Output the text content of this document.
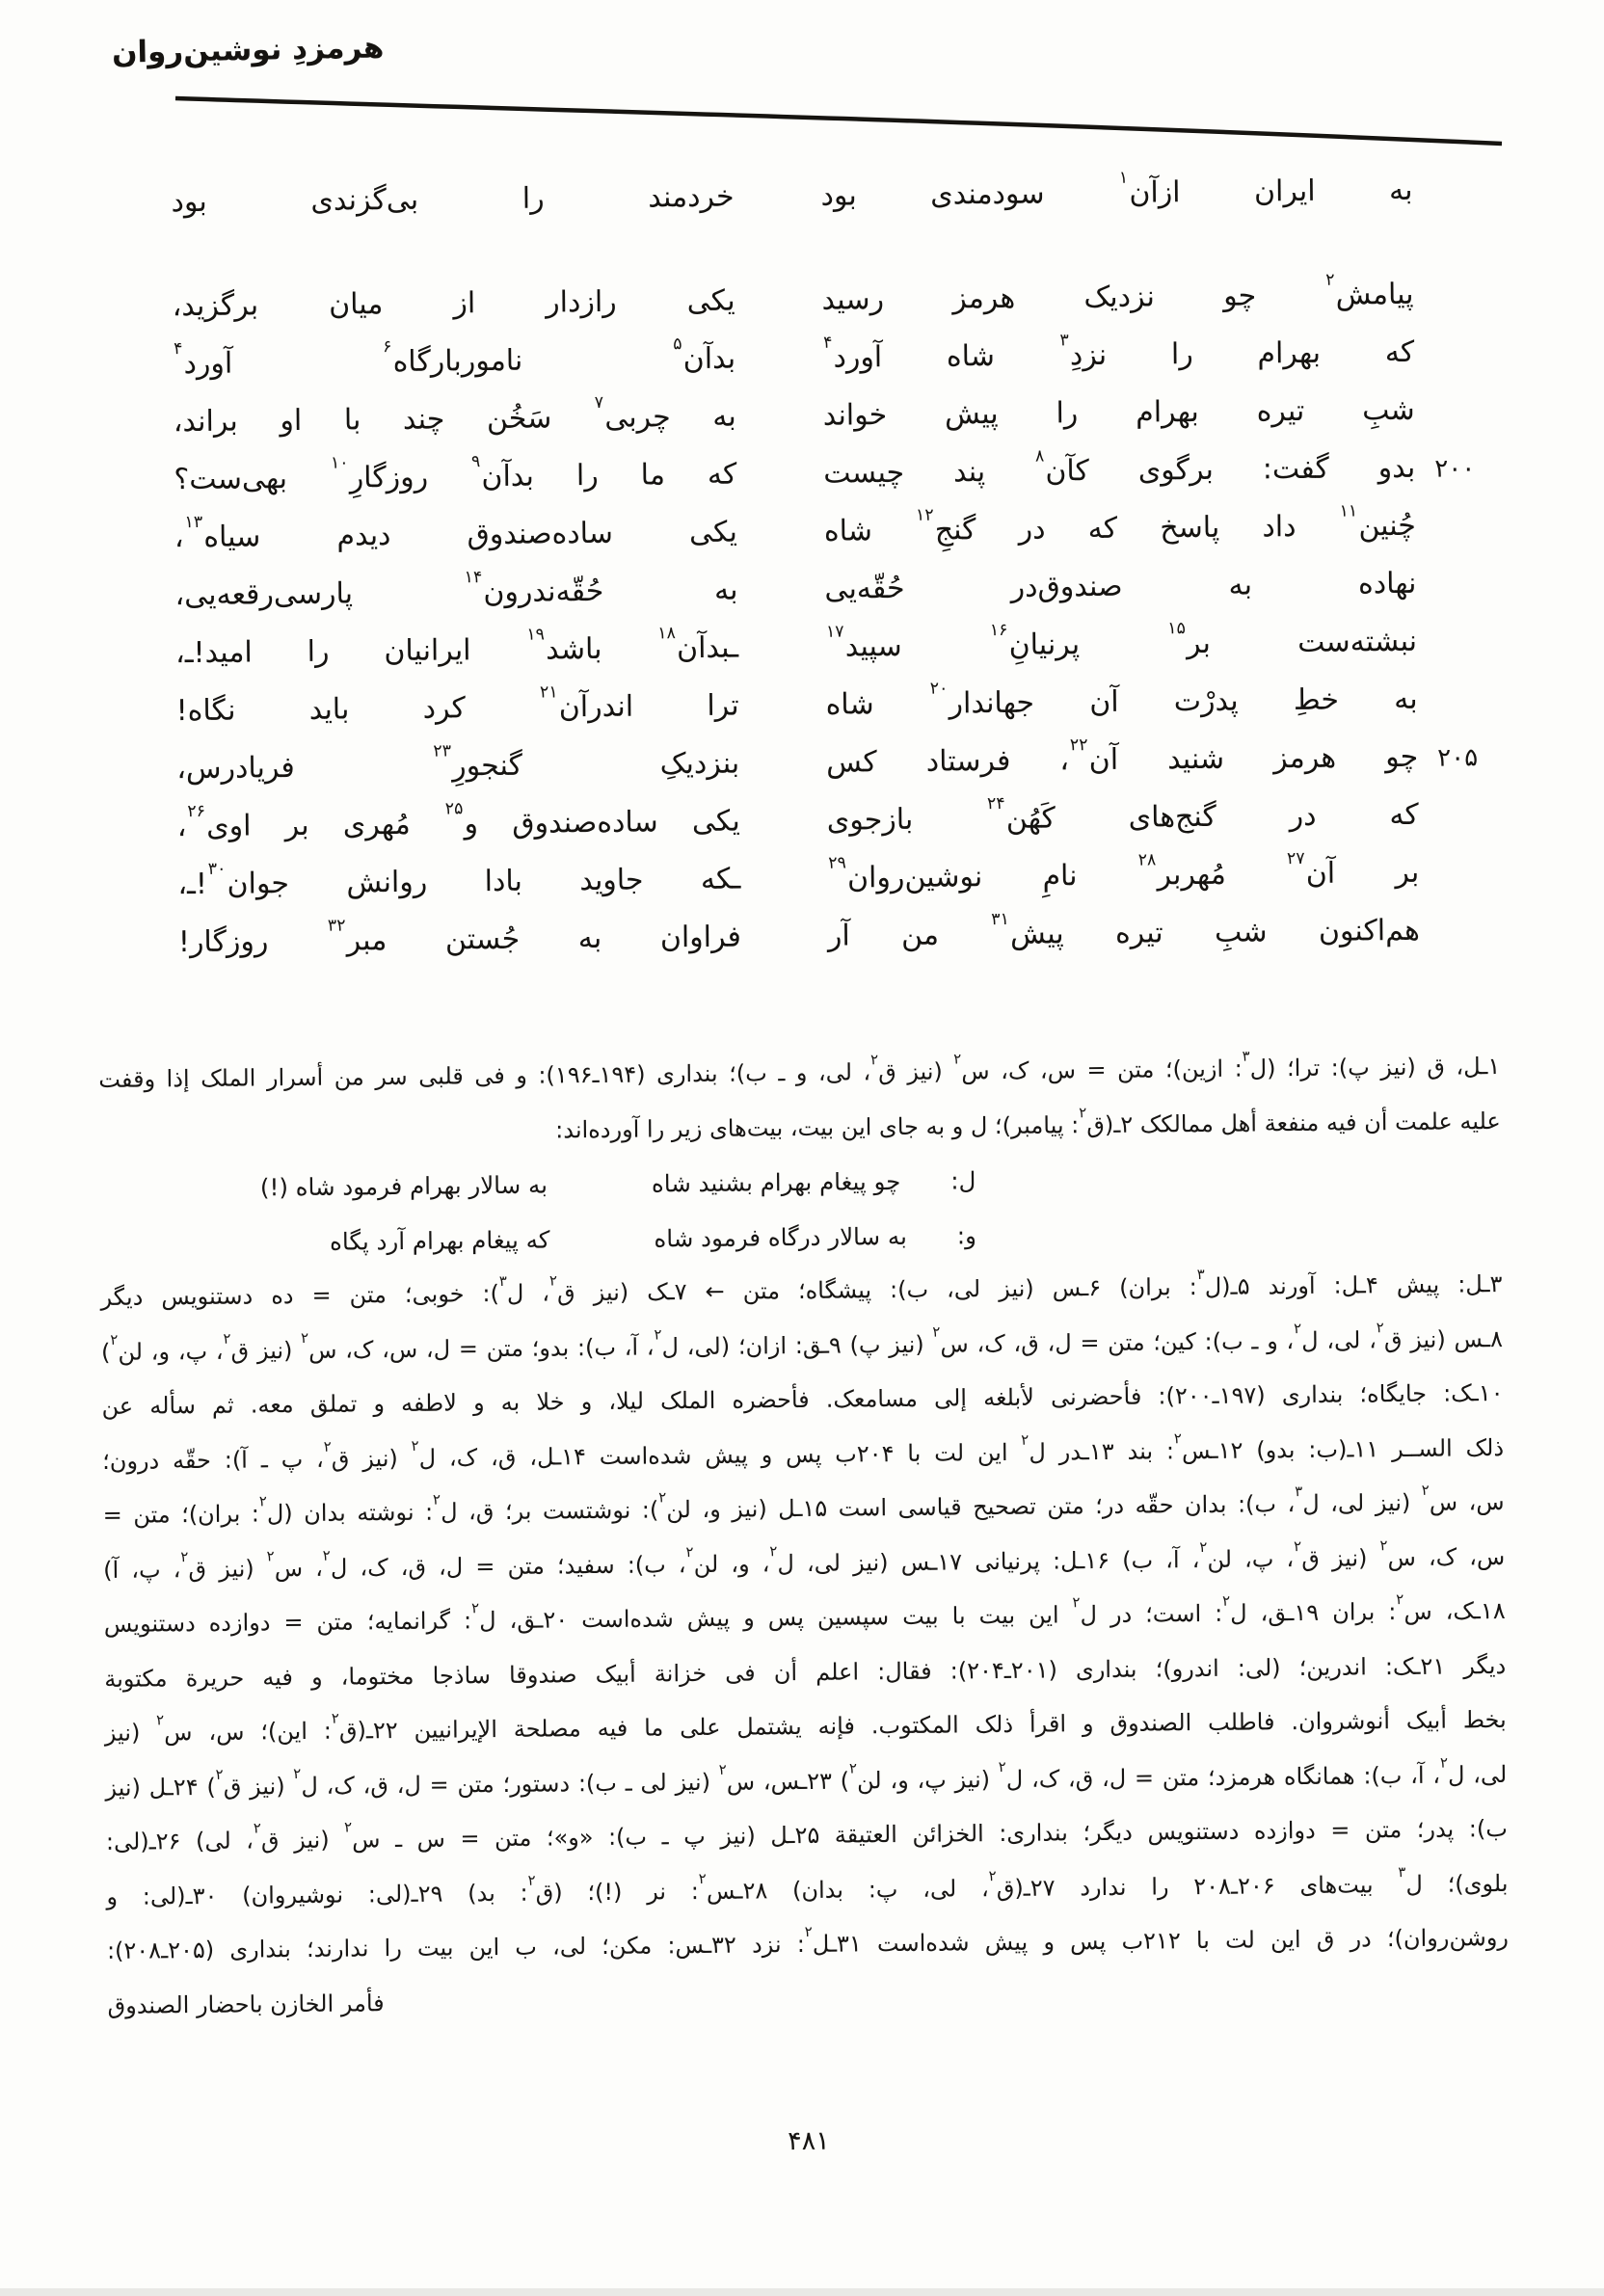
هرمزدِ نوشین‌روان
به ایران ازآن$^۱$ سودمندی بود
خردمند را بی‌گزندی بود
پیامش$^۲$ چو نزدیک هرمز رسید
یکی رازدار از میان برگزید،
که بهرام را نزدِ$^۳$ شاه آورد$^۴$
بدآن$^۵$ ناموربارگاه$^۶$ آورد$^۴$
شبِ تیره بهرام را پیش خواند
به چربی$^۷$ سَخُن چند با او براند،
۲۰۰
بدو گفت: برگوی کآن$^۸$ پند چیست
که ما را بدآن$^۹$ روزگارِ$^{۱۰}$ بهی‌ست؟
چُنین$^{۱۱}$ داد پاسخ که در گنجِ$^{۱۲}$ شاه
یکی ساده‌صندوق دیدم سیاه$^{۱۳}$،
نهاده به صندوق‌در حُقّه‌یی
به حُقّه‌ندرون$^{۱۴}$ پارسی‌رقعه‌یی،
نبشته‌ست بر$^{۱۵}$ پرنیانِ$^{۱۶}$ سپید$^{۱۷}$
ـبدآن$^{۱۸}$ باشد$^{۱۹}$ ایرانیان را امید!ـ،
به خطِ پدرْت آن جهاندار$^{۲۰}$ شاه
ترا اندرآن$^{۲۱}$ کرد باید نگاه!
۲۰۵
چو هرمز شنید آن$^{۲۲}$، فرستاد کس
بنزدیکِ گنجورِ$^{۲۳}$ فریادرس،
که در گنج‌های کَهُن$^{۲۴}$ بازجوی
یکی ساده‌صندوق و$^{۲۵}$ مُهری بر اوی$^{۲۶}$،
بر آن$^{۲۷}$ مُهربر$^{۲۸}$ نامِ نوشین‌روان$^{۲۹}$
ـکه جاوید بادا روانش جوان$^{۳۰}$!ـ،
هم‌اکنون شبِ تیره پیش$^{۳۱}$ من آر
فراوان به جُستن مبر$^{۳۲}$ روزگار!
۱ـل، ق (نیز پ): ترا؛ (ل$^۳$: ازین)؛ متن = س، ک، س$^۲$ (نیز ق$^۲$، لی، و ـ ب)؛ بنداری (۱۹۴ـ۱۹۶): و فی قلبی سر من أسرار الملک إذا وقفت
علیه علمت أن فیه منفعة أهل ممالکک ۲ـ(ق$^۲$: پیامبر)؛ ل و به جای این بیت، بیت‌های زیر را آورده‌اند:
ل:
چو پیغام بهرام بشنید شاه
به سالار بهرام فرمود شاه (!)
و:
به سالار درگاه فرمود شاه
که پیغام بهرام آرد پگاه
۳ـل: پیش ۴ـل: آورند ۵ـ(ل$^۳$: بران) ۶ـس (نیز لی، ب): پیشگاه؛ متن ← ۷ـک (نیز ق$^۲$، ل$^۳$): خوبی؛ متن = ده دستنویس دیگر
۸ـس (نیز ق$^۲$، لی، ل$^۲$، و ـ ب): کین؛ متن = ل، ق، ک، س$^۲$ (نیز پ) ۹ـق: ازان؛ (لی، ل$^۲$، آ، ب): بدو؛ متن = ل، س، ک، س$^۲$ (نیز ق$^۲$، پ، و، لن$^۲$)
۱۰ـک: جایگاه؛ بنداری (۱۹۷ـ۲۰۰): فأحضرنی لأبلغه إلی مسامعک. فأحضره الملک لیلا، و خلا به و لاطفه و تملق معه. ثم سأله عن
ذلک الســر ۱۱ـ(ب: بدو) ۱۲ـس$^۲$: بند ۱۳ـدر ل$^۲$ این لت با ۲۰۴ب پس و پیش شده‌است ۱۴ـل، ق، ک، ل$^۲$ (نیز ق$^۲$، پ ـ آ): حقّه درون؛
س، س$^۲$ (نیز لی، ل$^۳$، ب): بدان حقّه در؛ متن تصحیح قیاسی است ۱۵ـل (نیز و، لن$^۲$): نوشتست بر؛ ق، ل$^۲$: نوشته بدان (ل$^۲$: بران)؛ متن =
س، ک، س$^۲$ (نیز ق$^۲$، پ، لن$^۲$، آ، ب) ۱۶ـل: پرنیانی ۱۷ـس (نیز لی، ل$^۲$، و، لن$^۲$، ب): سفید؛ متن = ل، ق، ک، ل$^۲$، س$^۲$ (نیز ق$^۲$، پ، آ)
۱۸ـک، س$^۲$: بران ۱۹ـق، ل$^۲$: است؛ در ل$^۲$ این بیت با بیت سپسین پس و پیش شده‌است ۲۰ـق، ل$^۲$: گرانمایه؛ متن = دوازده دستنویس
دیگر ۲۱ـک: اندرین؛ (لی: اندرو)؛ بنداری (۲۰۱ـ۲۰۴): فقال: اعلم أن فی خزانة أبیک صندوقا ساذجا مختوما، و فیه حریرة مکتوبة
بخط أبیک أنوشروان. فاطلب الصندوق و اقرأ ذلک المکتوب. فإنه یشتمل علی ما فیه مصلحة الإیرانیین ۲۲ـ(ق$^۲$: این)؛ س، س$^۲$ (نیز
لی، ل$^۲$، آ، ب): همانگاه هرمزد؛ متن = ل، ق، ک، ل$^۲$ (نیز پ، و، لن$^۲$) ۲۳ـس، س$^۲$ (نیز لی ـ ب): دستور؛ متن = ل، ق، ک، ل$^۲$ (نیز ق$^۲$) ۲۴ـل (نیز
ب): پدر؛ متن = دوازده دستنویس دیگر؛ بنداری: الخزائن العتیقة ۲۵ـل (نیز پ ـ ب): «و»؛ متن = س ـ س$^۲$ (نیز ق$^۲$، لی) ۲۶ـ(لی:
بلوی)؛ ل$^۳$ بیت‌های ۲۰۶ـ۲۰۸ را ندارد ۲۷ـ(ق$^۲$، لی، پ: بدان) ۲۸ـس$^۲$: نر (!)؛ (ق$^۲$: بد) ۲۹ـ(لی: نوشیروان) ۳۰ـ(لی: و
روشن‌روان)؛ در ق این لت با ۲۱۲ب پس و پیش شده‌است ۳۱ـل$^۲$: نزد ۳۲ـس: مکن؛ لی، ب این بیت را ندارند؛ بنداری (۲۰۵ـ۲۰۸):
فأمر الخازن باحضار الصندوق
۴۸۱
